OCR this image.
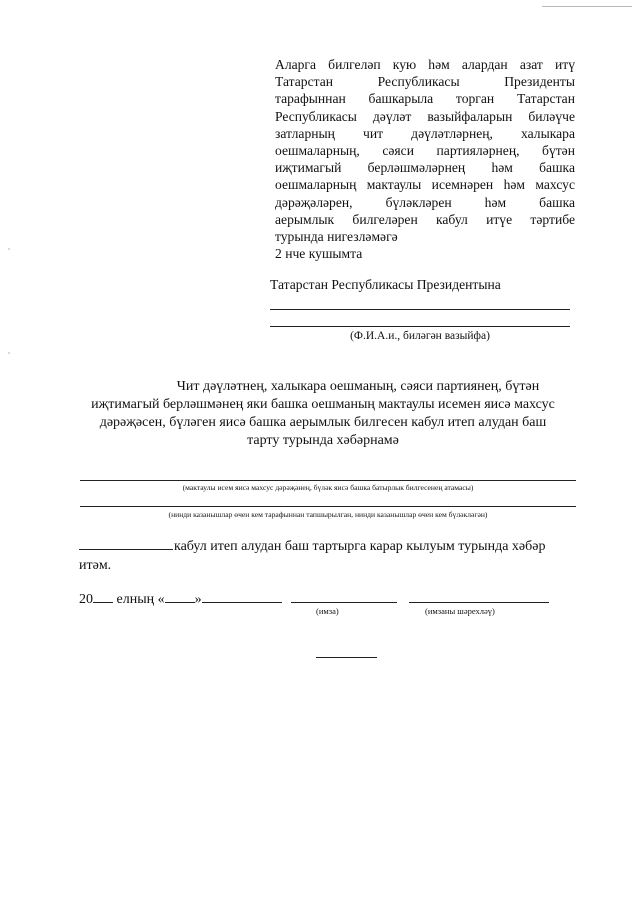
Аларга билгеләп кую һәм алардан азат итү
Татарстан Республикасы Президенты
тарафыннан башкарыла торган Татарстан
Республикасы дәүләт вазыйфаларын биләүче
затларның чит дәүләтләрнең, халыкара
оешмаларның, сәяси партияләрнең, бүтән
иҗтимагый берләшмәләрнең һәм башка
оешмаларның мактаулы исемнәрен һәм махсус
дәрәҗәләрен, бүләкләрен һәм башка
аерымлык билгеләрен кабул итүе тәртибе
турында нигезләмәгә
2 нче кушымта
Татарстан Республикасы Президентына
(Ф.И.А.и., биләгән вазыйфа)
Чит дәүләтнең, халыкара оешманың, сәяси партиянең, бүтән
иҗтимагый берләшмәнең яки башка оешманың мактаулы исемен яисә махсус
дәрәҗәсен, бүләген яисә башка аерымлык билгесен кабул итеп алудан баш
тарту турында хәбәрнамә
(мактаулы исем яисә махсус дәрәҗәнең, бүләк яисә башка батырлык билгесенең атамасы)
(нинди казанышлар өчен кем тарафыннан тапшырылган, нинди казанышлар өчен кем бүләкләгән)
кабул итеп алудан баш тартырга карар кылуым турында хәбәр
итәм.
20 елның « »
(имза)	(имзаны шәрехләү)
